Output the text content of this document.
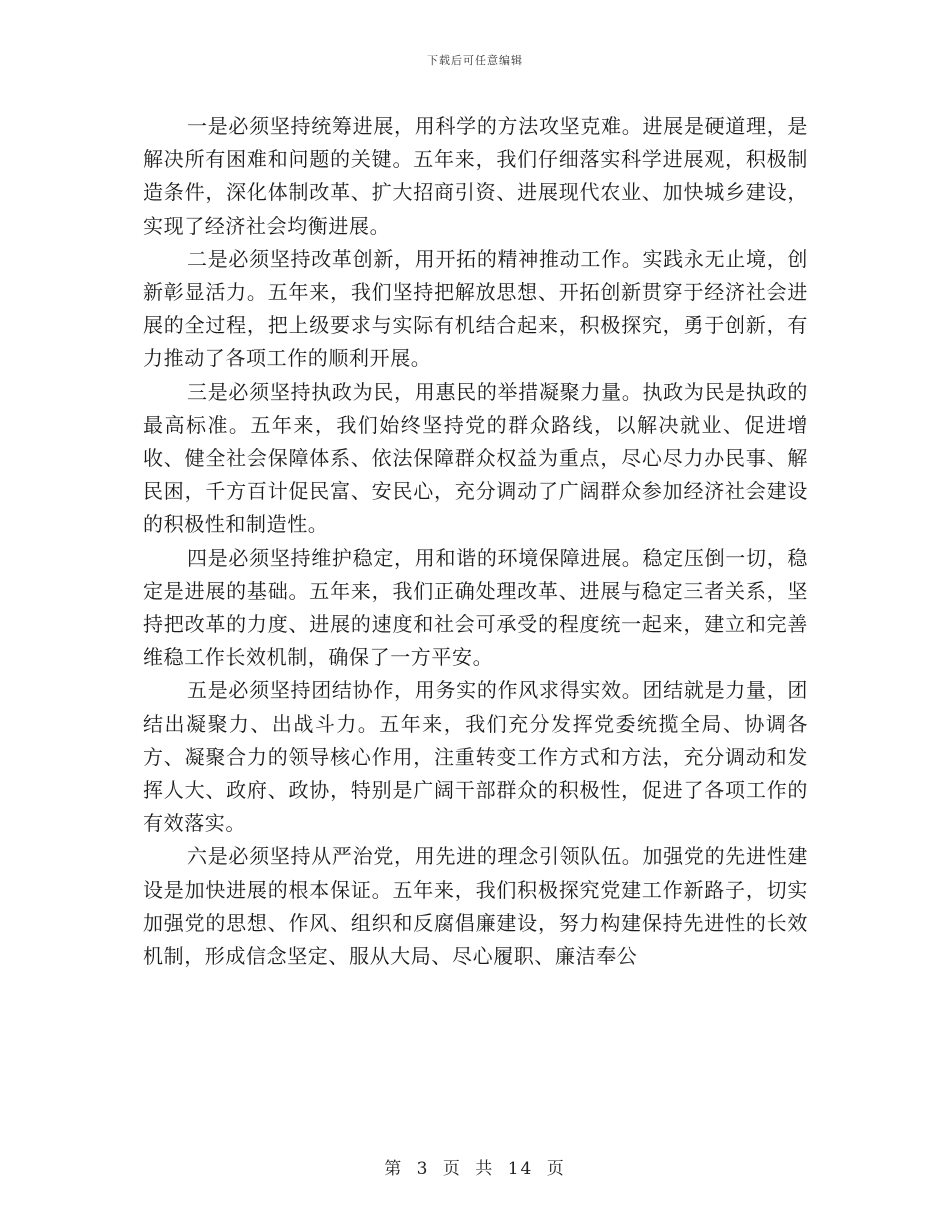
下载后可任意编辑

一是必须坚持统筹进展，用科学的方法攻坚克难。进展是硬道理，是解决所有困难和问题的关键。五年来，我们仔细落实科学进展观，积极制造条件，深化体制改革、扩大招商引资、进展现代农业、加快城乡建设，实现了经济社会均衡进展。

二是必须坚持改革创新，用开拓的精神推动工作。实践永无止境，创新彰显活力。五年来，我们坚持把解放思想、开拓创新贯穿于经济社会进展的全过程，把上级要求与实际有机结合起来，积极探究，勇于创新，有力推动了各项工作的顺利开展。

三是必须坚持执政为民，用惠民的举措凝聚力量。执政为民是执政的最高标准。五年来，我们始终坚持党的群众路线，以解决就业、促进增收、健全社会保障体系、依法保障群众权益为重点，尽心尽力办民事、解民困，千方百计促民富、安民心，充分调动了广阔群众参加经济社会建设的积极性和制造性。

四是必须坚持维护稳定，用和谐的环境保障进展。稳定压倒一切，稳定是进展的基础。五年来，我们正确处理改革、进展与稳定三者关系，坚持把改革的力度、进展的速度和社会可承受的程度统一起来，建立和完善维稳工作长效机制，确保了一方平安。

五是必须坚持团结协作，用务实的作风求得实效。团结就是力量，团结出凝聚力、出战斗力。五年来，我们充分发挥党委统揽全局、协调各方、凝聚合力的领导核心作用，注重转变工作方式和方法，充分调动和发挥人大、政府、政协，特别是广阔干部群众的积极性，促进了各项工作的有效落实。

六是必须坚持从严治党，用先进的理念引领队伍。加强党的先进性建设是加快进展的根本保证。五年来，我们积极探究党建工作新路子，切实加强党的思想、作风、组织和反腐倡廉建设，努力构建保持先进性的长效机制，形成信念坚定、服从大局、尽心履职、廉洁奉公

第 3 页 共 14 页
